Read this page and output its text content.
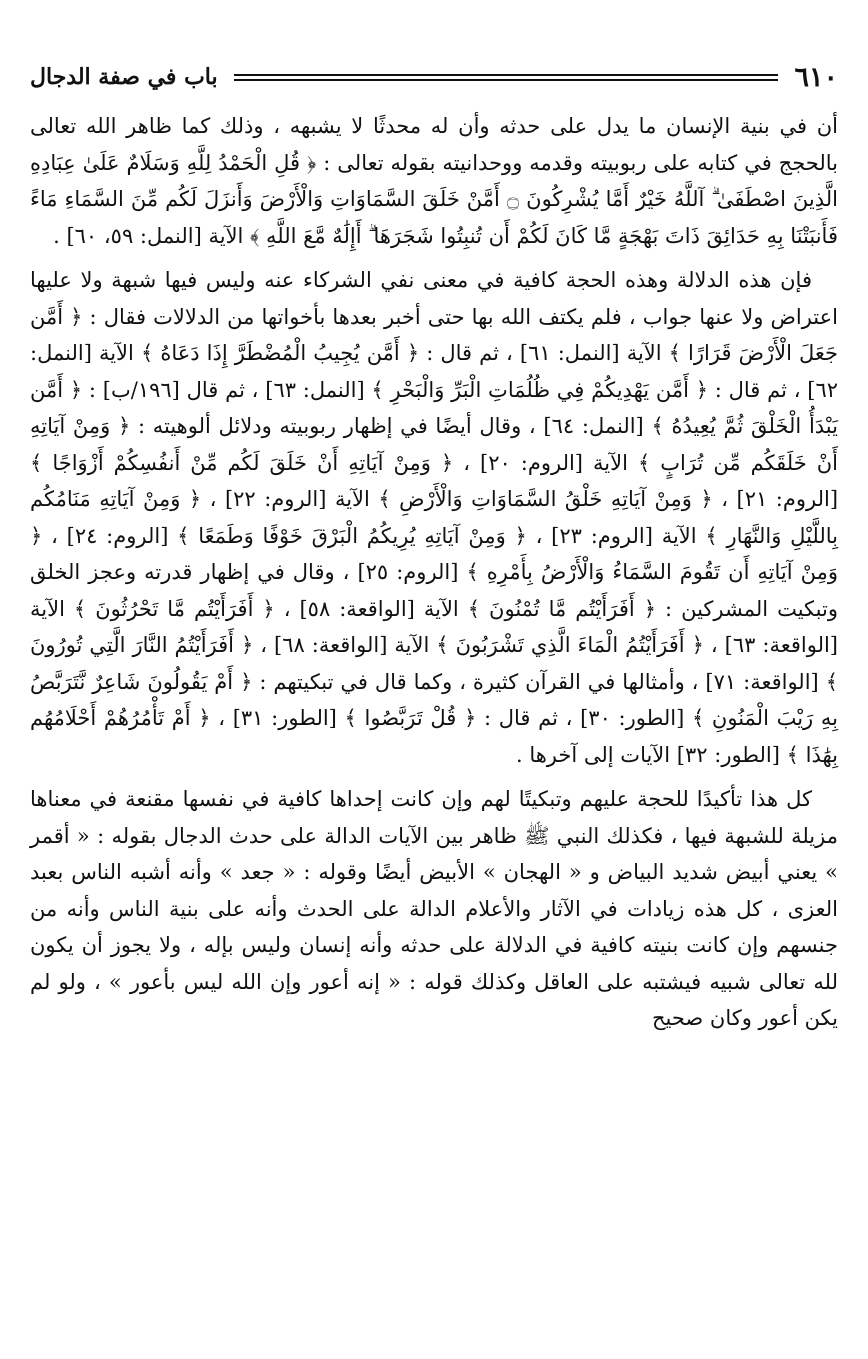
٦١٠
باب في صفة الدجال

أن في بنية الإنسان ما يدل على حدثه وأن له محدثًا لا يشبهه ، وذلك كما ظاهر الله تعالى بالحجج في كتابه على ربوبيته وقدمه ووحدانيته بقوله تعالى : ﴿ قُلِ الْحَمْدُ لِلَّهِ وَسَلَامٌ عَلَىٰ عِبَادِهِ الَّذِينَ اصْطَفَىٰ ۗ آللَّهُ خَيْرٌ أَمَّا يُشْرِكُونَ ۝ أَمَّنْ خَلَقَ السَّمَاوَاتِ وَالْأَرْضَ وَأَنزَلَ لَكُم مِّنَ السَّمَاءِ مَاءً فَأَنبَتْنَا بِهِ حَدَائِقَ ذَاتَ بَهْجَةٍ مَّا كَانَ لَكُمْ أَن تُنبِتُوا شَجَرَهَا ۗ أَإِلَٰهٌ مَّعَ اللَّهِ ﴾ الآية [النمل: ٥٩، ٦٠] .

فإن هذه الدلالة وهذه الحجة كافية في معنى نفي الشركاء عنه وليس فيها شبهة ولا عليها اعتراض ولا عنها جواب ، فلم يكتف الله بها حتى أخبر بعدها بأخواتها من الدلالات فقال : ﴿ أَمَّن جَعَلَ الْأَرْضَ قَرَارًا ﴾ الآية [النمل: ٦١] ، ثم قال : ﴿ أَمَّن يُجِيبُ الْمُضْطَرَّ إِذَا دَعَاهُ ﴾ الآية [النمل: ٦٢] ، ثم قال : ﴿ أَمَّن يَهْدِيكُمْ فِي ظُلُمَاتِ الْبَرِّ وَالْبَحْرِ ﴾ [النمل: ٦٣] ، ثم قال [١٩٦/ب] : ﴿ أَمَّن يَبْدَأُ الْخَلْقَ ثُمَّ يُعِيدُهُ ﴾ [النمل: ٦٤] ، وقال أيضًا في إظهار ربوبيته ودلائل ألوهيته : ﴿ وَمِنْ آيَاتِهِ أَنْ خَلَقَكُم مِّن تُرَابٍ ﴾ الآية [الروم: ٢٠] ، ﴿ وَمِنْ آيَاتِهِ أَنْ خَلَقَ لَكُم مِّنْ أَنفُسِكُمْ أَزْوَاجًا ﴾ [الروم: ٢١] ، ﴿ وَمِنْ آيَاتِهِ خَلْقُ السَّمَاوَاتِ وَالْأَرْضِ ﴾ الآية [الروم: ٢٢] ، ﴿ وَمِنْ آيَاتِهِ مَنَامُكُم بِاللَّيْلِ وَالنَّهَارِ ﴾ الآية [الروم: ٢٣] ، ﴿ وَمِنْ آيَاتِهِ يُرِيكُمُ الْبَرْقَ خَوْفًا وَطَمَعًا ﴾ [الروم: ٢٤] ، ﴿ وَمِنْ آيَاتِهِ أَن تَقُومَ السَّمَاءُ وَالْأَرْضُ بِأَمْرِهِ ﴾ [الروم: ٢٥] ، وقال في إظهار قدرته وعجز الخلق وتبكيت المشركين : ﴿ أَفَرَأَيْتُم مَّا تُمْنُونَ ﴾ الآية [الواقعة: ٥٨] ، ﴿ أَفَرَأَيْتُم مَّا تَحْرُثُونَ ﴾ الآية [الواقعة: ٦٣] ، ﴿ أَفَرَأَيْتُمُ الْمَاءَ الَّذِي تَشْرَبُونَ ﴾ الآية [الواقعة: ٦٨] ، ﴿ أَفَرَأَيْتُمُ النَّارَ الَّتِي تُورُونَ ﴾ [الواقعة: ٧١] ، وأمثالها في القرآن كثيرة ، وكما قال في تبكيتهم : ﴿ أَمْ يَقُولُونَ شَاعِرٌ نَّتَرَبَّصُ بِهِ رَيْبَ الْمَنُونِ ﴾ [الطور: ٣٠] ، ثم قال : ﴿ قُلْ تَرَبَّصُوا ﴾ [الطور: ٣١] ، ﴿ أَمْ تَأْمُرُهُمْ أَحْلَامُهُم بِهَٰذَا ﴾ [الطور: ٣٢] الآيات إلى آخرها .

كل هذا تأكيدًا للحجة عليهم وتبكيتًا لهم وإن كانت إحداها كافية في نفسها مقنعة في معناها مزيلة للشبهة فيها ، فكذلك النبي ﷺ ظاهر بين الآيات الدالة على حدث الدجال بقوله : « أقمر » يعني أبيض شديد البياض و « الهجان » الأبيض أيضًا وقوله : « جعد » وأنه أشبه الناس بعبد العزى ، كل هذه زيادات في الآثار والأعلام الدالة على الحدث وأنه على بنية الناس وأنه من جنسهم وإن كانت بنيته كافية في الدلالة على حدثه وأنه إنسان وليس بإله ، ولا يجوز أن يكون لله تعالى شبيه فيشتبه على العاقل وكذلك قوله : « إنه أعور وإن الله ليس بأعور » ، ولو لم يكن أعور وكان صحيح
